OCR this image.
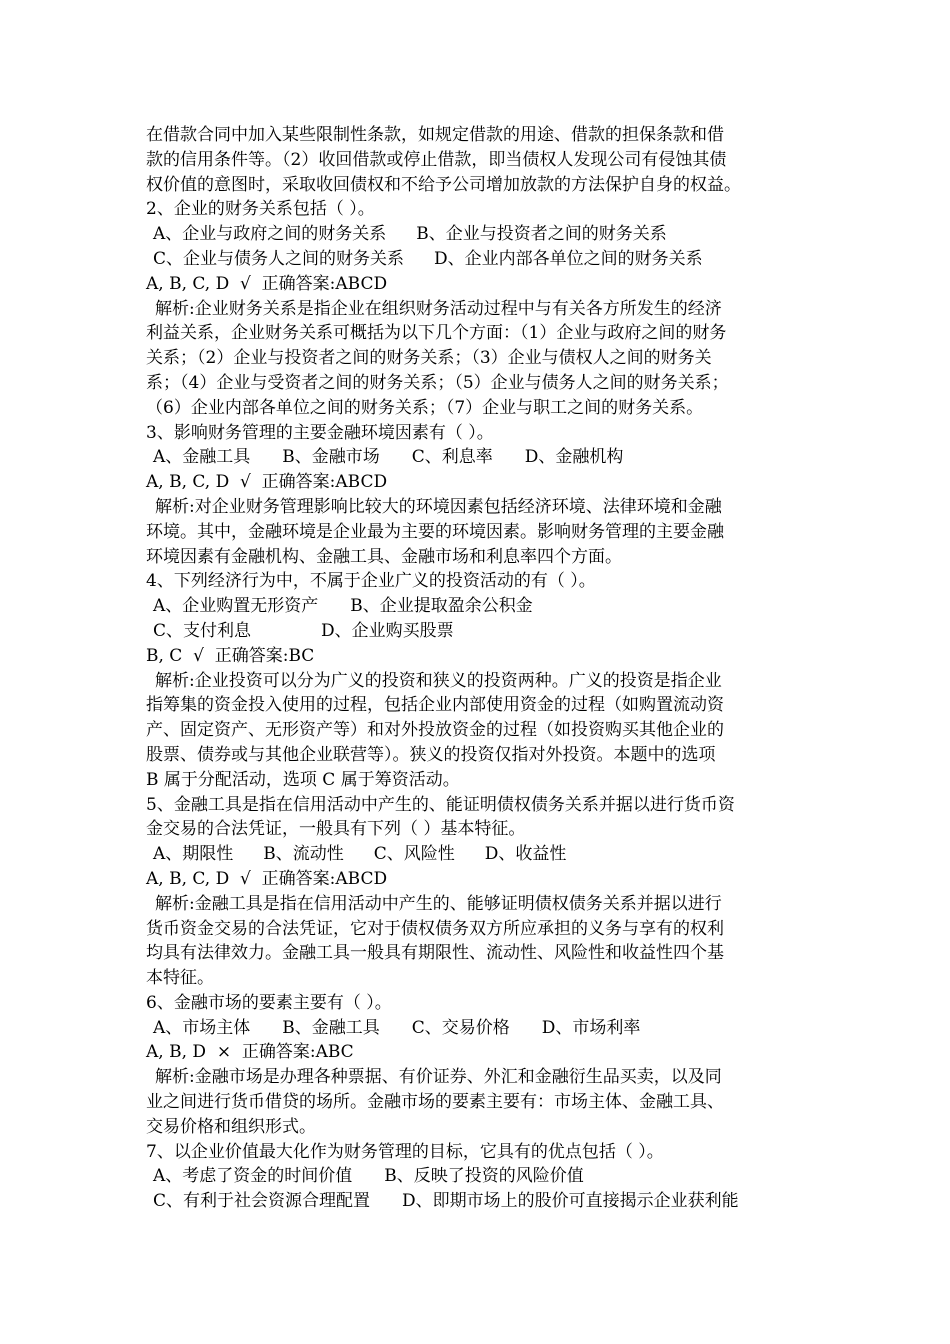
在借款合同中加入某些限制性条款，如规定借款的用途、借款的担保条款和借
款的信用条件等。（2）收回借款或停止借款，即当债权人发现公司有侵蚀其债
权价值的意图时，采取收回债权和不给予公司增加放款的方法保护自身的权益。
2、企业的财务关系包括（ ）。
A、企业与政府之间的财务关系 B、企业与投资者之间的财务关系
C、企业与债务人之间的财务关系 D、企业内部各单位之间的财务关系
A, B, C, D  √  正确答案:ABCD
解析:企业财务关系是指企业在组织财务活动过程中与有关各方所发生的经济
利益关系，企业财务关系可概括为以下几个方面：（1）企业与政府之间的财务
关系；（2）企业与投资者之间的财务关系；（3）企业与债权人之间的财务关
系；（4）企业与受资者之间的财务关系；（5）企业与债务人之间的财务关系；
（6）企业内部各单位之间的财务关系；（7）企业与职工之间的财务关系。
3、影响财务管理的主要金融环境因素有（ ）。
A、金融工具 B、金融市场 C、利息率 D、金融机构
A, B, C, D  √  正确答案:ABCD
解析:对企业财务管理影响比较大的环境因素包括经济环境、法律环境和金融
环境。其中，金融环境是企业最为主要的环境因素。影响财务管理的主要金融
环境因素有金融机构、金融工具、金融市场和利息率四个方面。
4、下列经济行为中，不属于企业广义的投资活动的有（ ）。
A、企业购置无形资产 B、企业提取盈余公积金
C、支付利息	D、企业购买股票
B, C  √  正确答案:BC
解析:企业投资可以分为广义的投资和狭义的投资两种。广义的投资是指企业
指筹集的资金投入使用的过程，包括企业内部使用资金的过程（如购置流动资
产、固定资产、无形资产等）和对外投放资金的过程（如投资购买其他企业的
股票、债券或与其他企业联营等）。狭义的投资仅指对外投资。本题中的选项
B 属于分配活动，选项 C 属于筹资活动。
5、金融工具是指在信用活动中产生的、能证明债权债务关系并据以进行货币资
金交易的合法凭证，一般具有下列（ ）基本特征。
A、期限性 B、流动性 C、风险性 D、收益性
A, B, C, D  √  正确答案:ABCD
解析:金融工具是指在信用活动中产生的、能够证明债权债务关系并据以进行
货币资金交易的合法凭证，它对于债权债务双方所应承担的义务与享有的权利
均具有法律效力。金融工具一般具有期限性、流动性、风险性和收益性四个基
本特征。
6、金融市场的要素主要有（ ）。
A、市场主体 B、金融工具 C、交易价格 D、市场利率
A, B, D  ×  正确答案:ABC
解析:金融市场是办理各种票据、有价证券、外汇和金融衍生品买卖，以及同
业之间进行货币借贷的场所。金融市场的要素主要有：市场主体、金融工具、
交易价格和组织形式。
7、以企业价值最大化作为财务管理的目标，它具有的优点包括（ ）。
A、考虑了资金的时间价值 B、反映了投资的风险价值
C、有利于社会资源合理配置 D、即期市场上的股价可直接揭示企业获利能
